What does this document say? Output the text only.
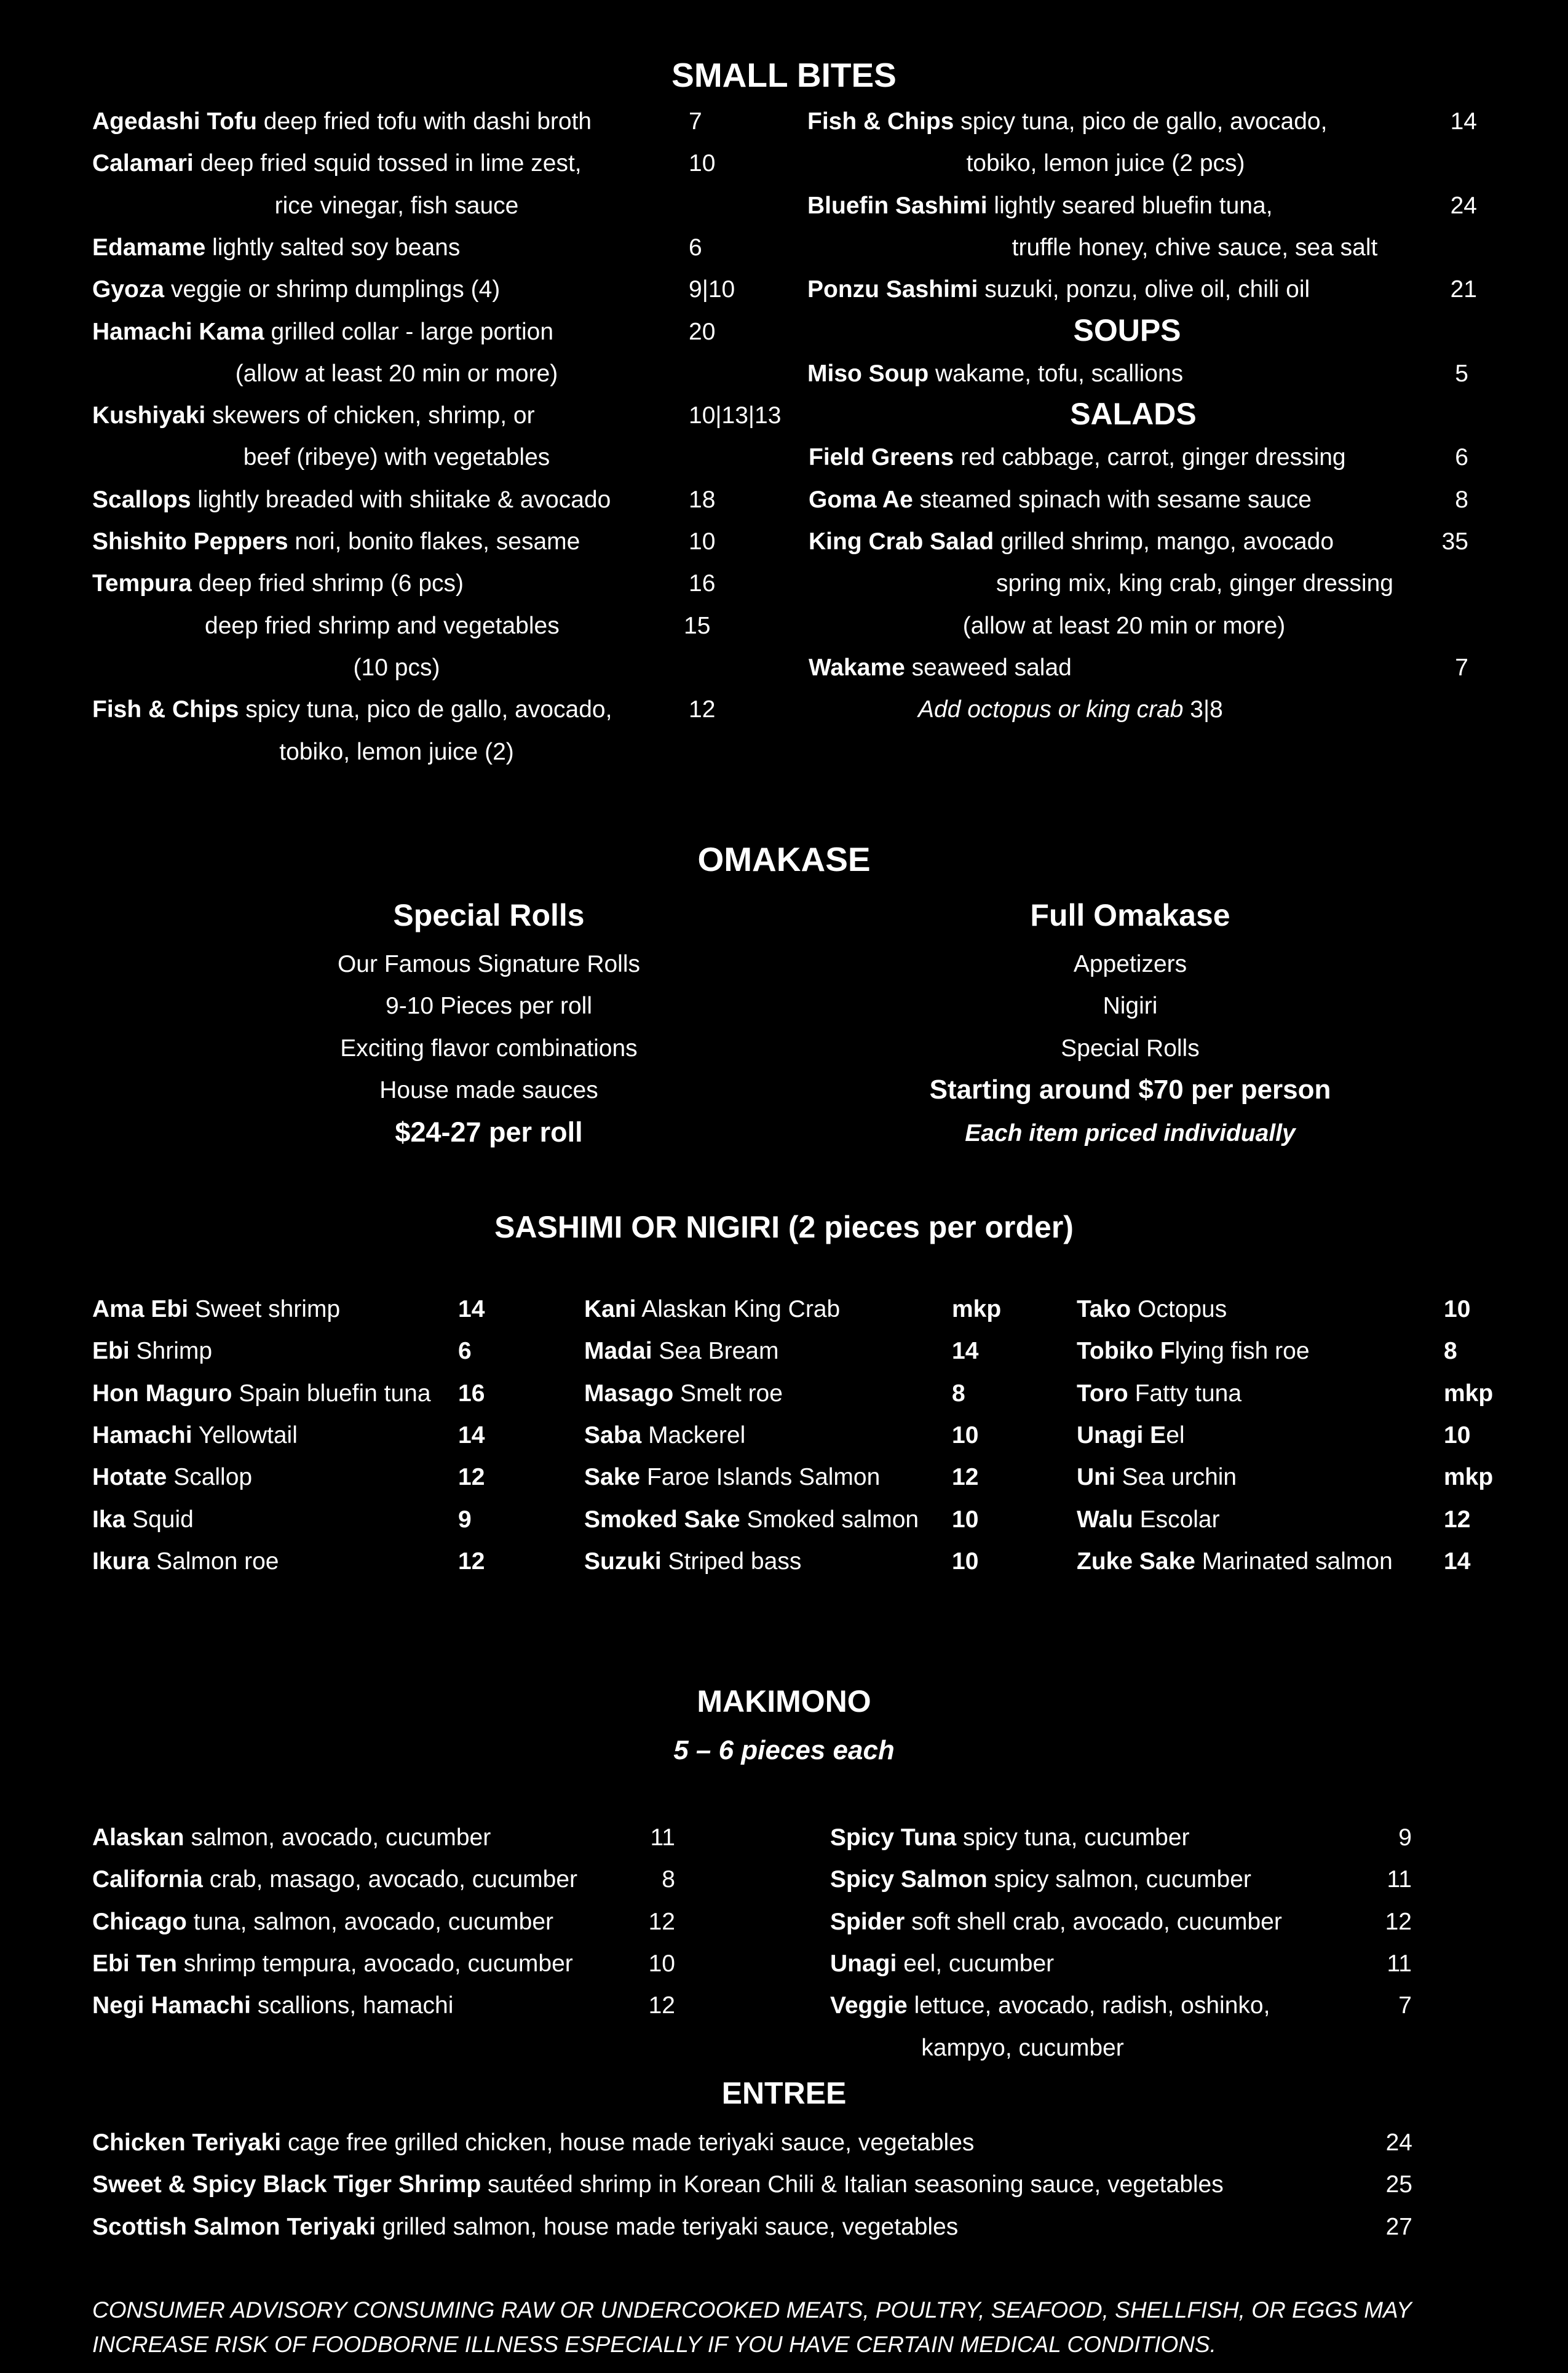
SMALL BITES
Agedashi Tofu deep fried tofu with dashi broth	7
Calamari deep fried squid tossed in lime zest,	10
rice vinegar, fish sauce
Edamame lightly salted soy beans	6
Gyoza veggie or shrimp dumplings (4)	9|10
Hamachi Kama grilled collar - large portion	20
(allow at least 20 min or more)
Kushiyaki skewers of chicken, shrimp, or	10|13|13
beef (ribeye) with vegetables
Scallops lightly breaded with shiitake & avocado	18
Shishito Peppers nori, bonito flakes, sesame	10
Tempura deep fried shrimp (6 pcs)	16
deep fried shrimp and vegetables	15
(10 pcs)
Fish & Chips spicy tuna, pico de gallo, avocado,	12
tobiko, lemon juice (2)
Fish & Chips spicy tuna, pico de gallo, avocado,	14
tobiko, lemon juice (2 pcs)
Bluefin Sashimi lightly seared bluefin tuna,	24
truffle honey, chive sauce, sea salt
Ponzu Sashimi suzuki, ponzu, olive oil, chili oil	21
SOUPS
Miso Soup wakame, tofu, scallions	5
SALADS
Field Greens red cabbage, carrot, ginger dressing	6
Goma Ae steamed spinach with sesame sauce	8
King Crab Salad grilled shrimp, mango, avocado	35
spring mix, king crab, ginger dressing
(allow at least 20 min or more)
Wakame seaweed salad	7
Add octopus or king crab 3|8
OMAKASE
Special Rolls	Full Omakase
Our Famous Signature Rolls
9-10 Pieces per roll
Exciting flavor combinations
House made sauces
$24-27 per roll
Appetizers
Nigiri
Special Rolls
Starting around $70 per person
Each item priced individually
SASHIMI OR NIGIRI (2 pieces per order)
Ama Ebi Sweet shrimp	14
Ebi Shrimp	6
Hon Maguro Spain bluefin tuna 16
Hamachi Yellowtail	14
Hotate Scallop	12
Ika Squid	9
Ikura Salmon roe	12
Kani Alaskan King Crab	mkp
Madai Sea Bream	14
Masago Smelt roe	8
Saba Mackerel	10
Sake Faroe Islands Salmon	12
Smoked Sake Smoked salmon 10
Suzuki Striped bass	10
Tako Octopus	10
Tobiko Flying fish roe	8
Toro Fatty tuna	mkp
Unagi Eel	10
Uni Sea urchin	mkp
Walu Escolar	12
Zuke Sake Marinated salmon 14
MAKIMONO
5 – 6 pieces each
Alaskan salmon, avocado, cucumber	11
California crab, masago, avocado, cucumber	8
Chicago tuna, salmon, avocado, cucumber	12
Ebi Ten shrimp tempura, avocado, cucumber	10
Negi Hamachi scallions, hamachi	12
Spicy Tuna spicy tuna, cucumber	9
Spicy Salmon spicy salmon, cucumber	11
Spider soft shell crab, avocado, cucumber	12
Unagi eel, cucumber	11
Veggie lettuce, avocado, radish, oshinko,	7
kampyo, cucumber
ENTREE
Chicken Teriyaki cage free grilled chicken, house made teriyaki sauce, vegetables	24
Sweet & Spicy Black Tiger Shrimp sautéed shrimp in Korean Chili & Italian seasoning sauce, vegetables	25
Scottish Salmon Teriyaki grilled salmon, house made teriyaki sauce, vegetables	27
CONSUMER ADVISORY CONSUMING RAW OR UNDERCOOKED MEATS, POULTRY, SEAFOOD, SHELLFISH, OR EGGS MAY INCREASE RISK OF FOODBORNE ILLNESS ESPECIALLY IF YOU HAVE CERTAIN MEDICAL CONDITIONS.
